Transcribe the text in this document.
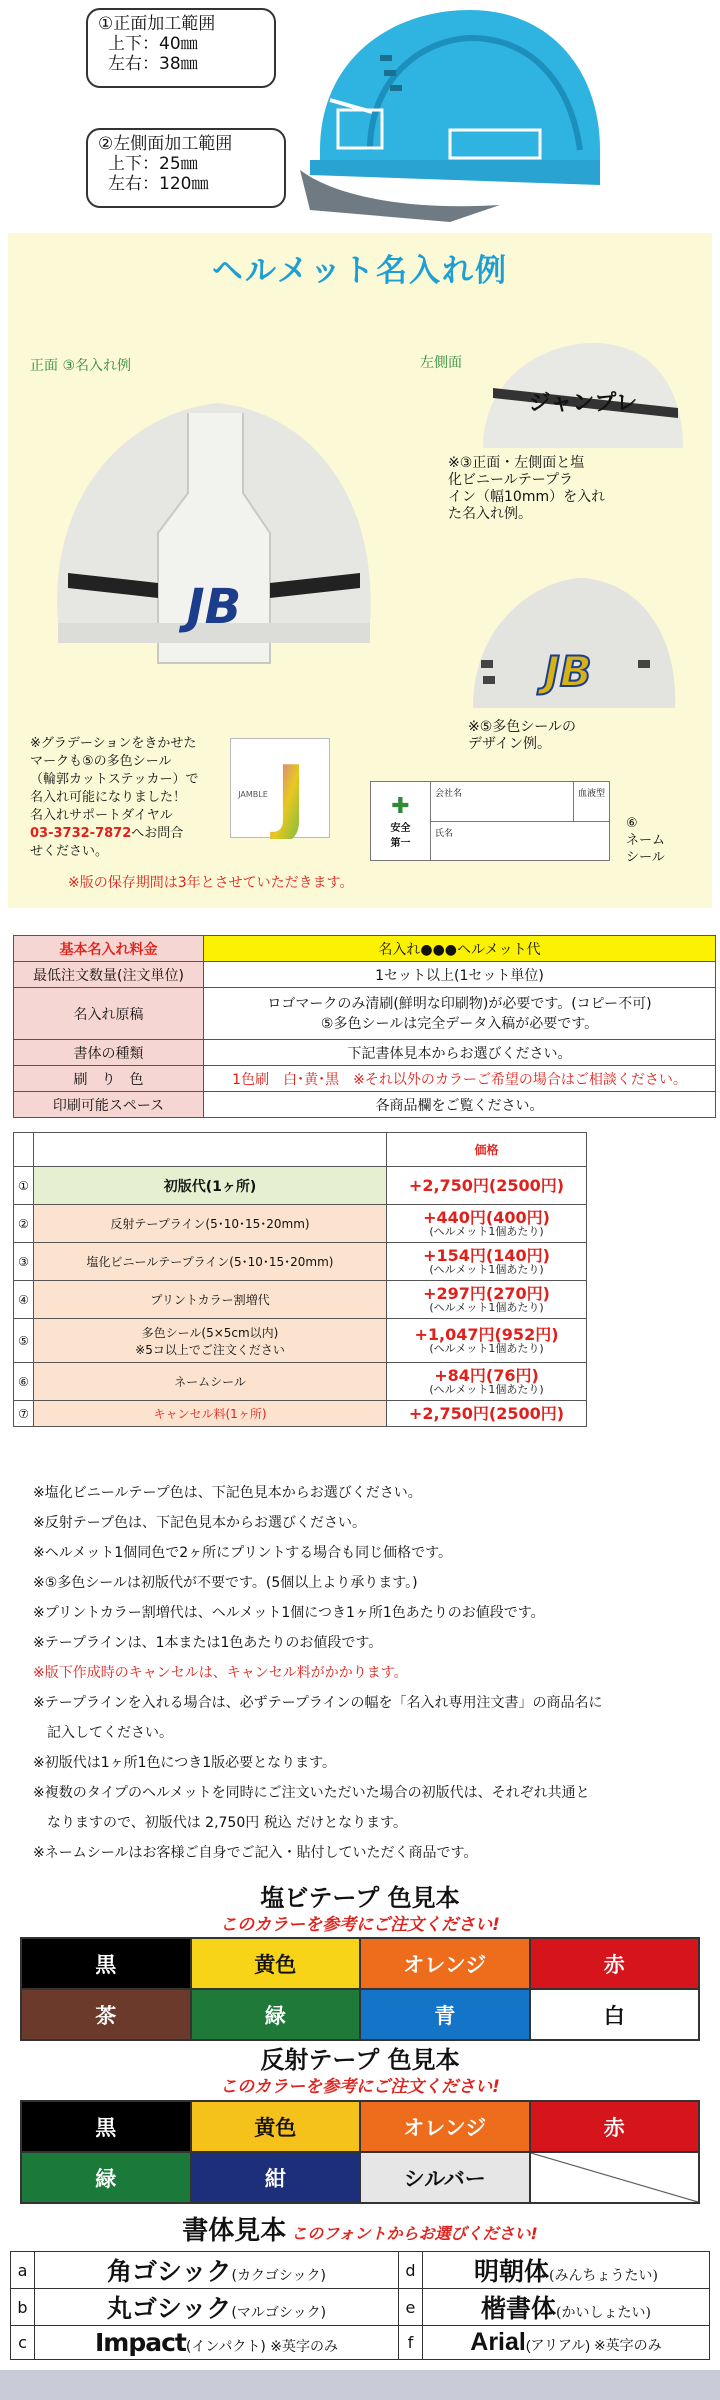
①正面加工範囲
上下：40㎜
左右：38㎜
②左側面加工範囲
上下：25㎜
左右：120㎜
ヘルメット名入れ例
正面 ③名入れ例	左側面
JB
ジャンプレ
※③正面・左側面と塩
化ビニールテープラ
イン（幅10mm）を入れ
た名入れ例。
JB
※⑤多色シールの
デザイン例。
※グラデーションをきかせた
マークも⑤の多色シール
（輪郭カットステッカー）で
名入れ可能になりました！
名入れサポートダイヤル
03-3732-7872へお問合
せください。
J
JAMBLE	✚
安全
第一
会社名	血液型
氏名
⑥
ネーム
シール
※版の保存期間は3年とさせていただきます。
基本名入れ料金	名入れ●●●ヘルメット代
最低注文数量(注文単位)	1セット以上(1セット単位)
名入れ原稿	ロゴマークのみ清刷(鮮明な印刷物)が必要です。(コピー不可)
⑤多色シールは完全データ入稿が必要です。

書体の種類	下記書体見本からお選びください。
刷　り　色	1色刷　白･黄･黒　 ※それ以外のカラーご希望の場合はご相談ください。
印刷可能スペース	各商品欄をご覧ください。
		価格
①	初版代(1ヶ所)	+2,750円(2500円)
②	反射テープライン(5･10･15･20mm)	+440円(400円)
(ヘルメット1個あたり)

③	塩化ビニールテープライン(5･10･15･20mm)	+154円(140円)
(ヘルメット1個あたり)

④	プリントカラー割増代	+297円(270円)
(ヘルメット1個あたり)

⑤	多色シール(5×5cm以内)
※5コ以上でご注文ください	+1,047円(952円)
(ヘルメット1個あたり)

⑥	ネームシール	+84円(76円)
(ヘルメット1個あたり)

⑦	キャンセル料(1ヶ所)	+2,750円(2500円)
※塩化ビニールテープ色は、下記色見本からお選びください。
※反射テープ色は、下記色見本からお選びください。
※ヘルメット1個同色で2ヶ所にプリントする場合も同じ価格です。
※⑤多色シールは初版代が不要です。(5個以上より承ります。)
※プリントカラー割増代は、ヘルメット1個につき1ヶ所1色あたりのお値段です。
※テープラインは、1本または1色あたりのお値段です。
※版下作成時のキャンセルは、キャンセル料がかかります。
※テープラインを入れる場合は、必ずテープラインの幅を「名入れ専用注文書」の商品名に
　記入してください。
※初版代は1ヶ所1色につき1版必要となります。
※複数のタイプのヘルメットを同時にご注文いただいた場合の初版代は、それぞれ共通と
　なりますので、初版代は 2,750円 税込 だけとなります。
※ネームシールはお客様ご自身でご記入・貼付していただく商品です。
塩ビテープ 色見本
このカラーを参考にご注文ください!
黒	黄色	オレンジ	赤
茶	緑	青	白
反射テープ 色見本
このカラーを参考にご注文ください!
黒	黄色	オレンジ	赤
緑	紺	シルバー
書体見本 このフォントからお選びください!
a	角ゴシック(カクゴシック)	d	明朝体(みんちょうたい)
b	丸ゴシック(マルゴシック)	e	楷書体(かいしょたい)
c	Impact(インパクト) ※英字のみ	f	Arial(アリアル) ※英字のみ
